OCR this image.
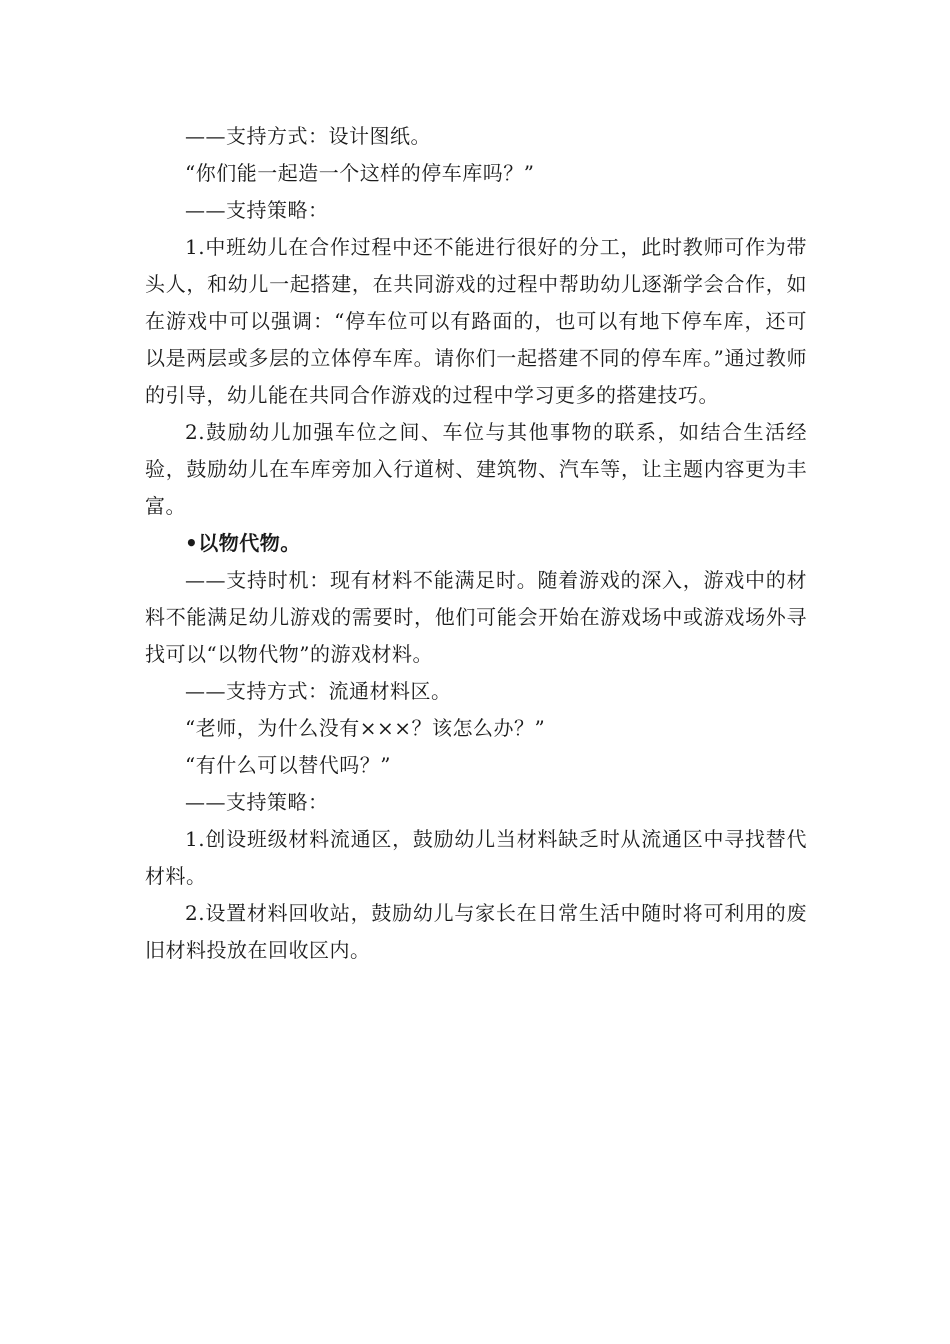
——支持方式：设计图纸。

“你们能一起造一个这样的停车库吗？”

——支持策略：

1.中班幼儿在合作过程中还不能进行很好的分工，此时教师可作为带头人，和幼儿一起搭建，在共同游戏的过程中帮助幼儿逐渐学会合作，如在游戏中可以强调：“停车位可以有路面的，也可以有地下停车库，还可以是两层或多层的立体停车库。请你们一起搭建不同的停车库。”通过教师的引导，幼儿能在共同合作游戏的过程中学习更多的搭建技巧。

2.鼓励幼儿加强车位之间、车位与其他事物的联系，如结合生活经验，鼓励幼儿在车库旁加入行道树、建筑物、汽车等，让主题内容更为丰富。

•以物代物。

——支持时机：现有材料不能满足时。随着游戏的深入，游戏中的材料不能满足幼儿游戏的需要时，他们可能会开始在游戏场中或游戏场外寻找可以“以物代物”的游戏材料。

——支持方式：流通材料区。

“老师，为什么没有×××？该怎么办？”

“有什么可以替代吗？”

——支持策略：

1.创设班级材料流通区，鼓励幼儿当材料缺乏时从流通区中寻找替代材料。

2.设置材料回收站，鼓励幼儿与家长在日常生活中随时将可利用的废旧材料投放在回收区内。
